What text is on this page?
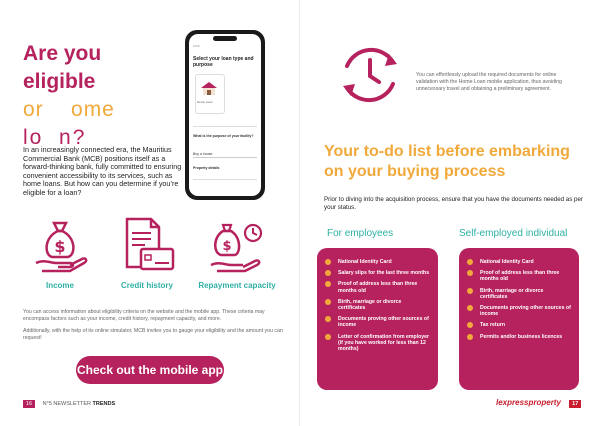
Are you eligible
or    ome
lo  n?
MCB
Select your loan type and purpose
Home Loan
What is the purpose of your facility?
Buy a house
Property details
In an increasingly connected era, the Mauritius Commercial Bank (MCB) positions itself as a forward-thinking bank, fully committed to ensuring convenient accessibility to its services, such as home loans. But how can you determine if you’re eligible for a loan?
$
Income	Credit history
$
Repayment capacity
You can access information about eligibility criteria on the website and the mobile app. These criteria may encompass factors such as your income, credit history, repayment capacity, and more.
Additionally, with the help of its online simulator, MCB invites you to gauge your eligibility and the amount you can request!
Check out the mobile app
16 N°5 NEWSLETTER TRENDS
You can effortlessly upload the required documents for online validation with the Home Loan mobile application, thus avoiding unnecessary travel and obtaining a preliminary agreement.
Your to-do list before embarking on your buying process
Prior to diving into the acquisition process, ensure that you have the documents needed as per your status.
For employees
National Identity Card
Salary slips for the last three months
Proof of address less than three months old
Birth, marriage or divorce certificates
Documents proving other sources of income
Letter of confirmation from employer (if you have worked for less than 12 months)
Self-employed individual
National Identity Card
Proof of address less than three months old
Birth, marriage or divorce certificates
Documents proving other sources of income
Tax return
Permits and/or business licences
lexpressproperty 17
